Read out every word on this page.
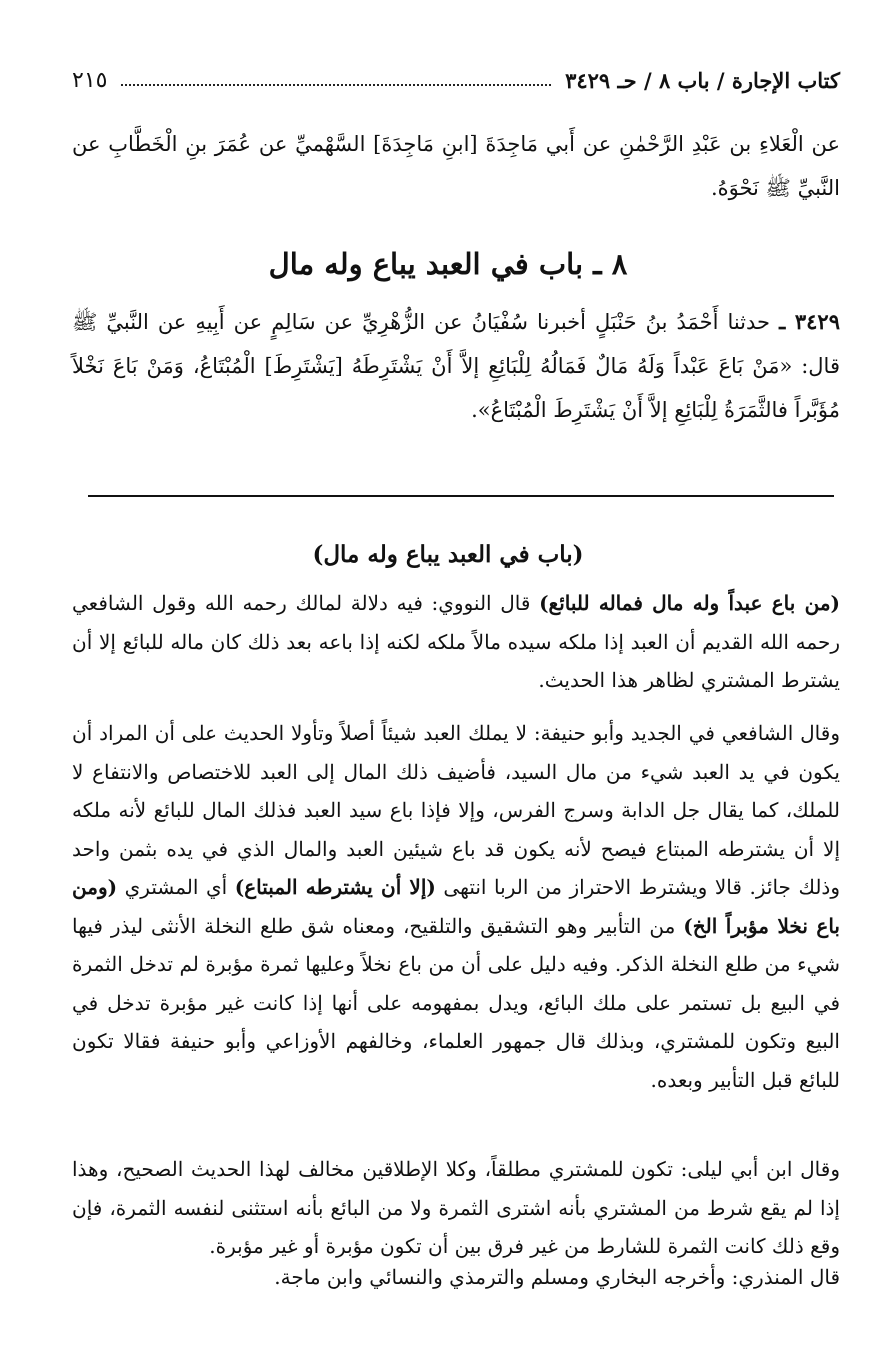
كتاب الإجارة / باب ٨ / حـ ٣٤٢٩
٢١٥

عن الْعَلاءِ بن عَبْدِ الرَّحْمٰنِ عن أَبي مَاجِدَةَ [ابنِ مَاجِدَةَ] السَّهْميِّ عن عُمَرَ بنِ الْخَطَّابِ عن النَّبيِّ ﷺ نَحْوَهُ.

٨ ـ باب في العبد يباع وله مال

٣٤٢٩ ـ حدثنا أَحْمَدُ بنُ حَنْبَلٍ أخبرنا سُفْيَانُ عن الزُّهْرِيِّ عن سَالِمٍ عن أَبِيهِ عن النَّبيِّ ﷺ قال: «مَنْ بَاعَ عَبْداً وَلَهُ مَالٌ فَمَالُهُ لِلْبَائِعِ إلاَّ أَنْ يَشْتَرِطَهُ [يَشْتَرِطَ] الْمُبْتَاعُ، وَمَنْ بَاعَ نَخْلاً مُؤَبَّراً فالثَّمَرَةُ لِلْبَائِعِ إلاَّ أَنْ يَشْتَرِطَ الْمُبْتَاعُ».

(باب في العبد يباع وله مال)

(من باع عبداً وله مال فماله للبائع) قال النووي: فيه دلالة لمالك رحمه الله وقول الشافعي رحمه الله القديم أن العبد إذا ملكه سيده مالاً ملكه لكنه إذا باعه بعد ذلك كان ماله للبائع إلا أن يشترط المشتري لظاهر هذا الحديث.

وقال الشافعي في الجديد وأبو حنيفة: لا يملك العبد شيئاً أصلاً وتأولا الحديث على أن المراد أن يكون في يد العبد شيء من مال السيد، فأضيف ذلك المال إلى العبد للاختصاص والانتفاع لا للملك، كما يقال جل الدابة وسرج الفرس، وإلا فإذا باع سيد العبد فذلك المال للبائع لأنه ملكه إلا أن يشترطه المبتاع فيصح لأنه يكون قد باع شيئين العبد والمال الذي في يده بثمن واحد وذلك جائز. قالا ويشترط الاحتراز من الربا انتهى (إلا أن يشترطه المبتاع) أي المشتري (ومن باع نخلا مؤبراً الخ) من التأبير وهو التشقيق والتلقيح، ومعناه شق طلع النخلة الأنثى ليذر فيها شيء من طلع النخلة الذكر. وفيه دليل على أن من باع نخلاً وعليها ثمرة مؤبرة لم تدخل الثمرة في البيع بل تستمر على ملك البائع، ويدل بمفهومه على أنها إذا كانت غير مؤبرة تدخل في البيع وتكون للمشتري، وبذلك قال جمهور العلماء، وخالفهم الأوزاعي وأبو حنيفة فقالا تكون للبائع قبل التأبير وبعده.

وقال ابن أبي ليلى: تكون للمشتري مطلقاً، وكلا الإطلاقين مخالف لهذا الحديث الصحيح، وهذا إذا لم يقع شرط من المشتري بأنه اشترى الثمرة ولا من البائع بأنه استثنى لنفسه الثمرة، فإن وقع ذلك كانت الثمرة للشارط من غير فرق بين أن تكون مؤبرة أو غير مؤبرة.

قال المنذري: وأخرجه البخاري ومسلم والترمذي والنسائي وابن ماجة.
